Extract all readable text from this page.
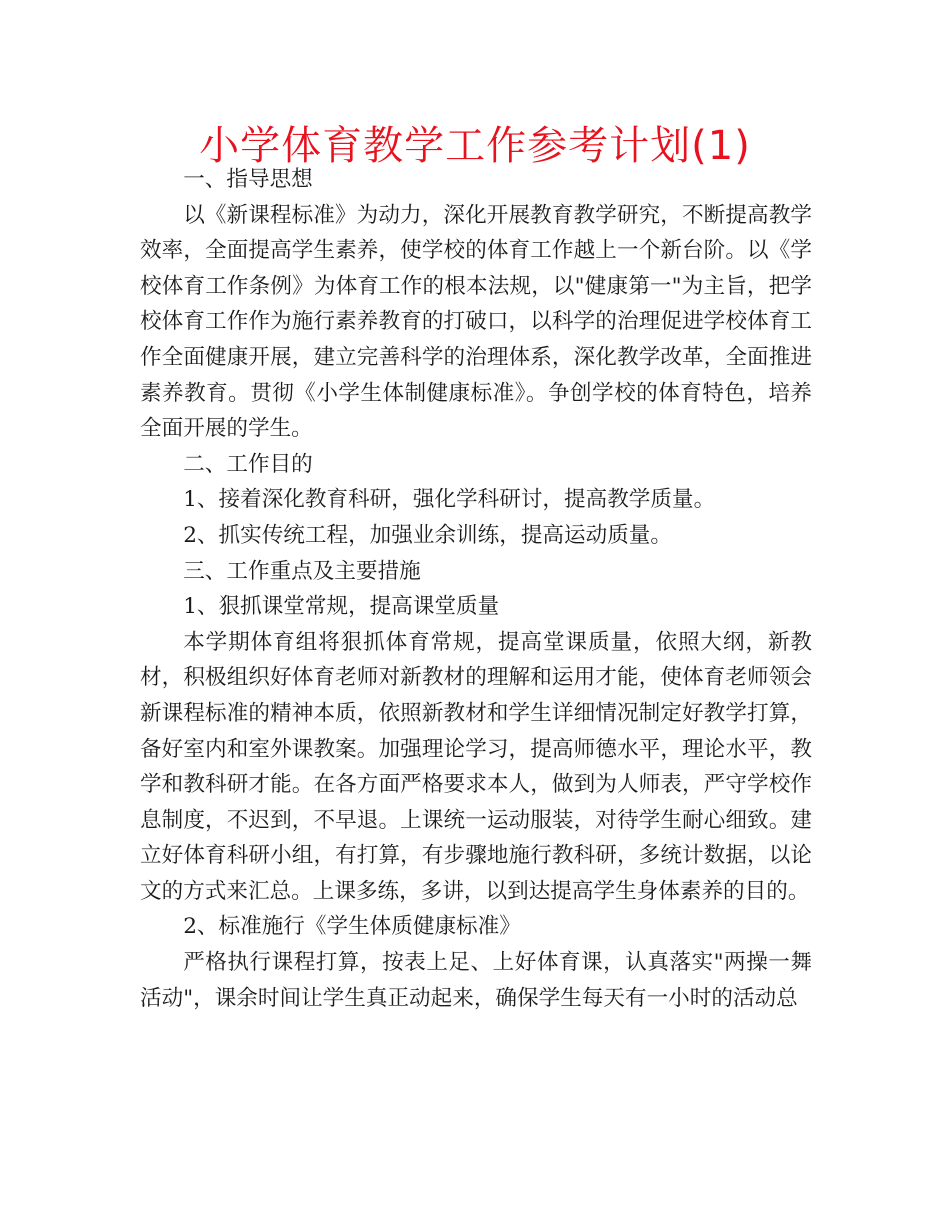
小学体育教学工作参考计划(1)

一、指导思想

以《新课程标准》为动力，深化开展教育教学研究，不断提高教学效率，全面提高学生素养，使学校的体育工作越上一个新台阶。以《学校体育工作条例》为体育工作的根本法规，以"健康第一"为主旨，把学校体育工作作为施行素养教育的打破口，以科学的治理促进学校体育工作全面健康开展，建立完善科学的治理体系，深化教学改革，全面推进素养教育。贯彻《小学生体制健康标准》。争创学校的体育特色，培养全面开展的学生。

二、工作目的

1、接着深化教育科研，强化学科研讨，提高教学质量。

2、抓实传统工程，加强业余训练，提高运动质量。

三、工作重点及主要措施

1、狠抓课堂常规，提高课堂质量

本学期体育组将狠抓体育常规，提高堂课质量，依照大纲，新教材，积极组织好体育老师对新教材的理解和运用才能，使体育老师领会新课程标准的精神本质，依照新教材和学生详细情况制定好教学打算，备好室内和室外课教案。加强理论学习，提高师德水平，理论水平，教学和教科研才能。在各方面严格要求本人，做到为人师表，严守学校作息制度，不迟到，不早退。上课统一运动服装，对待学生耐心细致。建立好体育科研小组，有打算，有步骤地施行教科研，多统计数据，以论文的方式来汇总。上课多练，多讲，以到达提高学生身体素养的目的。

2、标准施行《学生体质健康标准》

严格执行课程打算，按表上足、上好体育课，认真落实"两操一舞活动"，课余时间让学生真正动起来，确保学生每天有一小时的活动总
